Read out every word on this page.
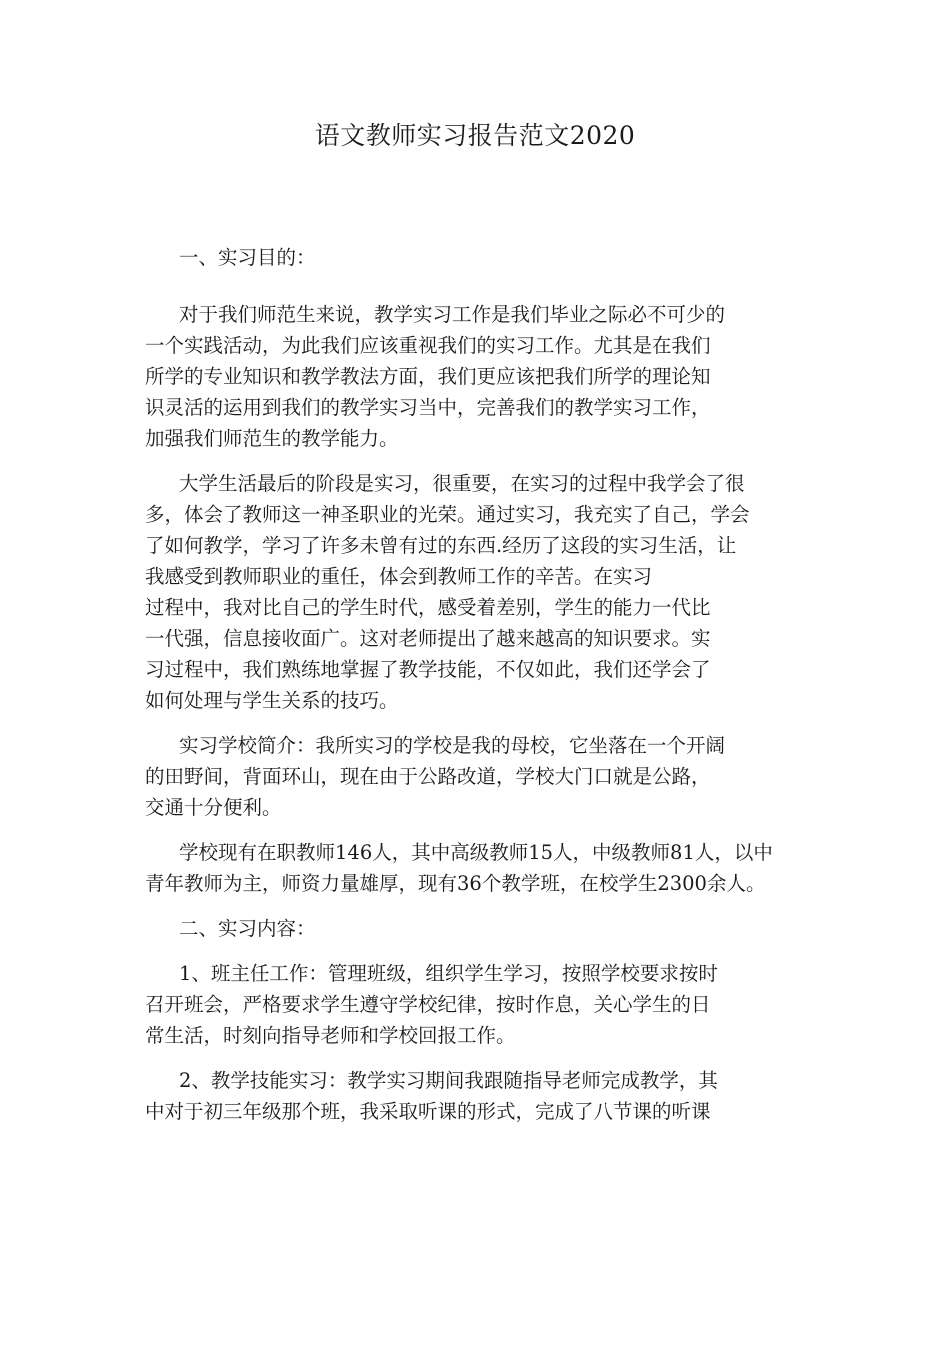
语文教师实习报告范文2020

一、实习目的：

对于我们师范生来说，教学实习工作是我们毕业之际必不可少的

一个实践活动，为此我们应该重视我们的实习工作。尤其是在我们

所学的专业知识和教学教法方面，我们更应该把我们所学的理论知

识灵活的运用到我们的教学实习当中，完善我们的教学实习工作，

加强我们师范生的教学能力。

大学生活最后的阶段是实习，很重要，在实习的过程中我学会了很

多，体会了教师这一神圣职业的光荣。通过实习，我充实了自己，学会

了如何教学，学习了许多未曾有过的东西.经历了这段的实习生活，让

我感受到教师职业的重任，体会到教师工作的辛苦。在实习

过程中，我对比自己的学生时代，感受着差别，学生的能力一代比

一代强，信息接收面广。这对老师提出了越来越高的知识要求。实

习过程中，我们熟练地掌握了教学技能，不仅如此，我们还学会了

如何处理与学生关系的技巧。

实习学校简介：我所实习的学校是我的母校，它坐落在一个开阔

的田野间，背面环山，现在由于公路改道，学校大门口就是公路，

交通十分便利。

学校现有在职教师146人，其中高级教师15人，中级教师81人，以中

青年教师为主，师资力量雄厚，现有36个教学班，在校学生2300余人。

二、实习内容：

1、班主任工作：管理班级，组织学生学习，按照学校要求按时

召开班会，严格要求学生遵守学校纪律，按时作息，关心学生的日

常生活，时刻向指导老师和学校回报工作。

2、教学技能实习：教学实习期间我跟随指导老师完成教学，其

中对于初三年级那个班，我采取听课的形式，完成了八节课的听课
